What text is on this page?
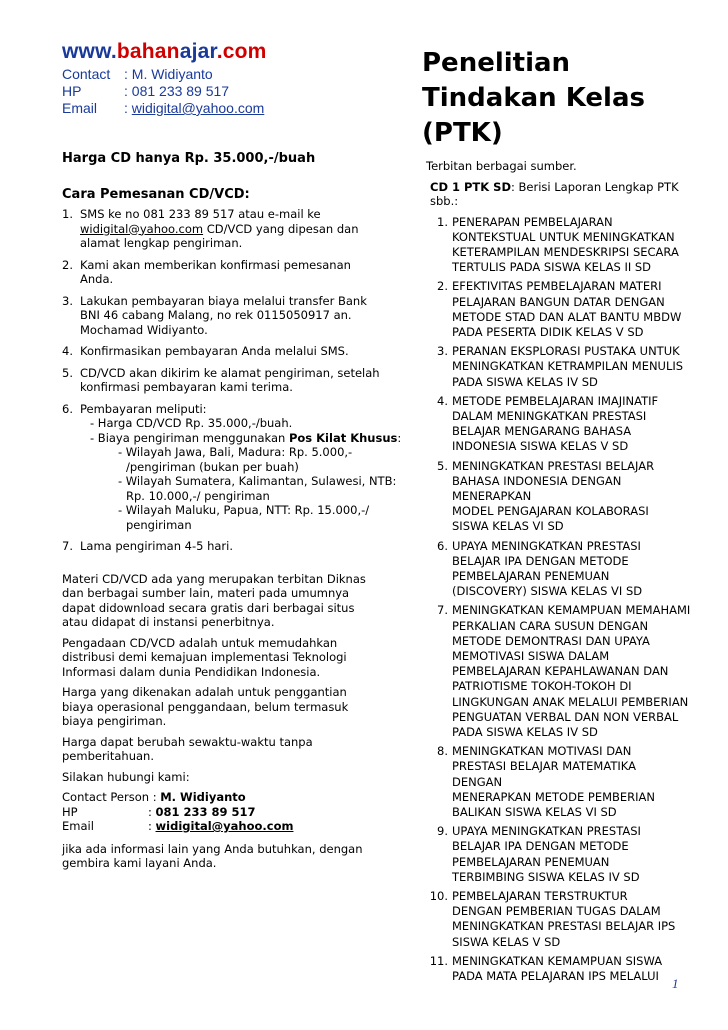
www.bahanajar.com
Contact : M. Widiyanto
HP	: 081 233 89 517
Email : widigital@yahoo.com
Harga CD hanya Rp. 35.000,-/buah
Cara Pemesanan CD/VCD:
1. SMS ke no 081 233 89 517 atau e-mail ke
widigital@yahoo.com CD/VCD yang dipesan dan
alamat lengkap pengiriman.
2. Kami akan memberikan konfirmasi pemesanan Anda.
3. Lakukan pembayaran biaya melalui transfer Bank BNI 46 cabang Malang, no rek 0115050917 an. Mochamad Widiyanto.
4. Konfirmasikan pembayaran Anda melalui SMS.
5. CD/VCD akan dikirim ke alamat pengiriman, setelah konfirmasi pembayaran kami terima.
6. Pembayaran meliputi:
- Harga CD/VCD Rp. 35.000,-/buah.
- Biaya pengiriman menggunakan Pos Kilat Khusus:
- Wilayah Jawa, Bali, Madura: Rp. 5.000,-
/pengiriman (bukan per buah)
- Wilayah Sumatera, Kalimantan, Sulawesi, NTB:
Rp. 10.000,-/ pengiriman
- Wilayah Maluku, Papua, NTT: Rp. 15.000,-/
pengiriman
7. Lama pengiriman 4-5 hari.

Materi CD/VCD ada yang merupakan terbitan Diknas dan berbagai sumber lain, materi pada umumnya dapat didownload secara gratis dari berbagai situs atau didapat di instansi penerbitnya.

Pengadaan CD/VCD adalah untuk memudahkan distribusi demi kemajuan implementasi Teknologi Informasi dalam dunia Pendidikan Indonesia.

Harga yang dikenakan adalah untuk penggantian biaya operasional penggandaan, belum termasuk biaya pengiriman.

Harga dapat berubah sewaktu-waktu tanpa pemberitahuan.

Silakan hubungi kami:

Contact Person : M. Widiyanto
HP	: 081 233 89 517
Email	: widigital@yahoo.com

jika ada informasi lain yang Anda butuhkan, dengan gembira kami layani Anda.

Penelitian
Tindakan Kelas
(PTK)
Terbitan berbagai sumber.
CD 1 PTK SD: Berisi Laporan Lengkap PTK
sbb.:
1. PENERAPAN PEMBELAJARAN
KONTEKSTUAL UNTUK MENINGKATKAN
KETERAMPILAN MENDESKRIPSI SECARA
TERTULIS PADA SISWA KELAS II SD
2. EFEKTIVITAS PEMBELAJARAN MATERI
PELAJARAN BANGUN DATAR DENGAN
METODE STAD DAN ALAT BANTU MBDW
PADA PESERTA DIDIK KELAS V SD
3. PERANAN EKSPLORASI PUSTAKA UNTUK
MENINGKATKAN KETRAMPILAN MENULIS
PADA SISWA KELAS IV SD
4. METODE PEMBELAJARAN IMAJINATIF
DALAM MENINGKATKAN PRESTASI
BELAJAR MENGARANG BAHASA
INDONESIA SISWA KELAS V SD
5. MENINGKATKAN PRESTASI BELAJAR
BAHASA INDONESIA DENGAN
MENERAPKAN
MODEL PENGAJARAN KOLABORASI
SISWA KELAS VI SD
6. UPAYA MENINGKATKAN PRESTASI
BELAJAR IPA DENGAN METODE
PEMBELAJARAN PENEMUAN
(DISCOVERY) SISWA KELAS VI SD
7. MENINGKATKAN KEMAMPUAN MEMAHAMI
PERKALIAN CARA SUSUN DENGAN
METODE DEMONTRASI DAN UPAYA
MEMOTIVASI SISWA DALAM
PEMBELAJARAN KEPAHLAWANAN DAN
PATRIOTISME TOKOH-TOKOH DI
LINGKUNGAN ANAK MELALUI PEMBERIAN
PENGUATAN VERBAL DAN NON VERBAL
PADA SISWA KELAS IV SD
8. MENINGKATKAN MOTIVASI DAN
PRESTASI BELAJAR MATEMATIKA
DENGAN
MENERAPKAN METODE PEMBERIAN
BALIKAN SISWA KELAS VI SD
9. UPAYA MENINGKATKAN PRESTASI
BELAJAR IPA DENGAN METODE
PEMBELAJARAN PENEMUAN
TERBIMBING SISWA KELAS IV SD
10. PEMBELAJARAN TERSTRUKTUR
DENGAN PEMBERIAN TUGAS DALAM
MENINGKATKAN PRESTASI BELAJAR IPS
SISWA KELAS V SD
11. MENINGKATKAN KEMAMPUAN SISWA
PADA MATA PELAJARAN IPS MELALUI	1
